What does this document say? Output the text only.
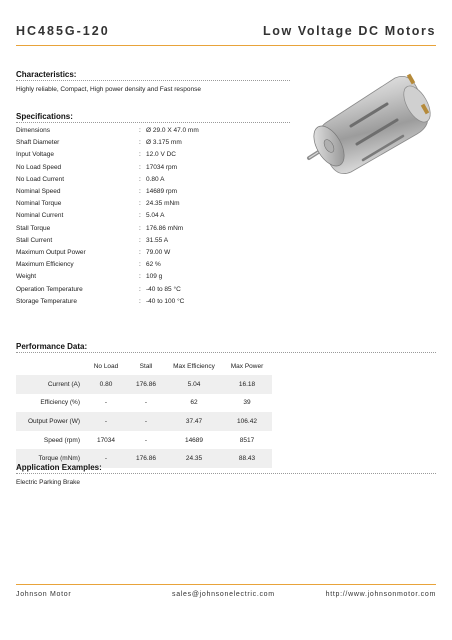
HC485G-120	Low Voltage DC Motors
Characteristics:
Highly reliable, Compact, High power density and Fast response
Specifications:
Dimensions	: Ø 29.0 X 47.0 mm
Shaft Diameter	: Ø 3.175 mm
Input Voltage	: 12.0 V DC
No Load Speed	: 17034 rpm
No Load Current	: 0.80 A
Nominal Speed	: 14689 rpm
Nominal Torque	: 24.35 mNm
Nominal Current	: 5.04 A
Stall Torque	: 176.86 mNm
Stall Current	: 31.55 A
Maximum Output Power	: 79.00 W
Maximum Efficiency	: 62 %
Weight	: 109 g
Operation Temperature	: -40 to 85 °C
Storage Temperature	: -40 to 100 °C
Performance Data:
	No Load	Stall	Max Efficiency	Max Power
Current (A)	0.80	176.86	5.04	16.18
Efficiency (%)	-	-	62	39
Output Power (W)	-	-	37.47	106.42
Speed (rpm)	17034	-	14689	8517
Torque (mNm)	-	176.86	24.35	88.43
Application Examples:
Electric Parking Brake
Johnson Motor	sales@johnsonelectric.com	http://www.johnsonmotor.com
